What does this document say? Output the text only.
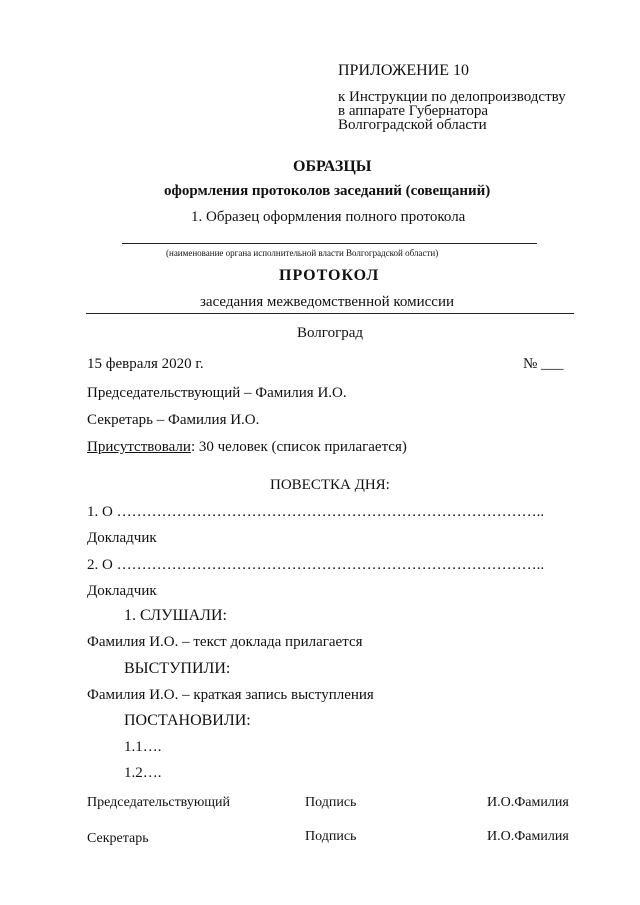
ПРИЛОЖЕНИЕ 10
к Инструкции по делопроизводству
в аппарате Губернатора
Волгоградской области
ОБРАЗЦЫ
оформления протоколов заседаний (совещаний)
1. Образец оформления полного протокола
(наименование органа исполнительной власти Волгоградской области)
ПРОТОКОЛ
заседания межведомственной комиссии
Волгоград
15 февраля 2020 г.	№ ___
Председательствующий – Фамилия И.О.
Секретарь – Фамилия И.О.
Присутствовали: 30 человек (список прилагается)
ПОВЕСТКА ДНЯ:
1. О …………………………………………………………………………..
Докладчик
2. О …………………………………………………………………………..
Докладчик
1. СЛУШАЛИ:
Фамилия И.О. – текст доклада прилагается
ВЫСТУПИЛИ:
Фамилия И.О. – краткая запись выступления
ПОСТАНОВИЛИ:
1.1….
1.2….
Председательствующий	Подпись	И.О.Фамилия
Секретарь	Подпись	И.О.Фамилия
